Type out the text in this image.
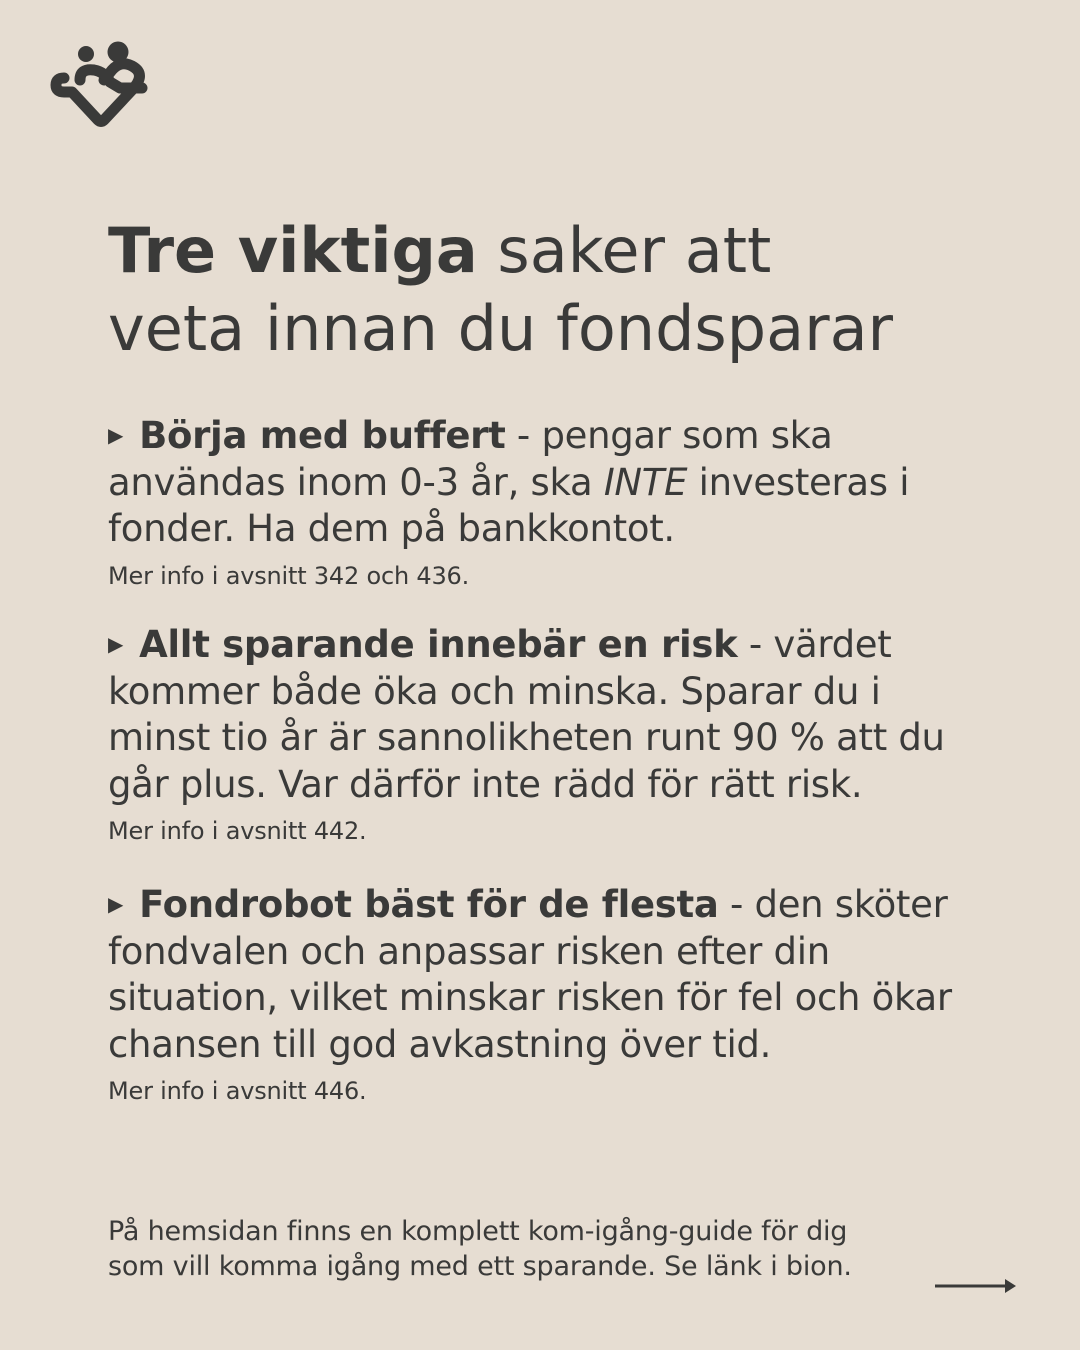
Tre viktiga saker att
veta innan du fondsparar

▶ Börja med buffert - pengar som ska användas inom 0-3 år, ska INTE investeras i fonder. Ha dem på bankkontot.

Mer info i avsnitt 342 och 436.

▶ Allt sparande innebär en risk - värdet kommer både öka och minska. Sparar du i minst tio år är sannolikheten runt 90 % att du går plus. Var därför inte rädd för rätt risk.

Mer info i avsnitt 442.

▶ Fondrobot bäst för de flesta - den sköter fondvalen och anpassar risken efter din situation, vilket minskar risken för fel och ökar chansen till god avkastning över tid.

Mer info i avsnitt 446.

På hemsidan finns en komplett kom-igång-guide för dig
som vill komma igång med ett sparande. Se länk i bion.
